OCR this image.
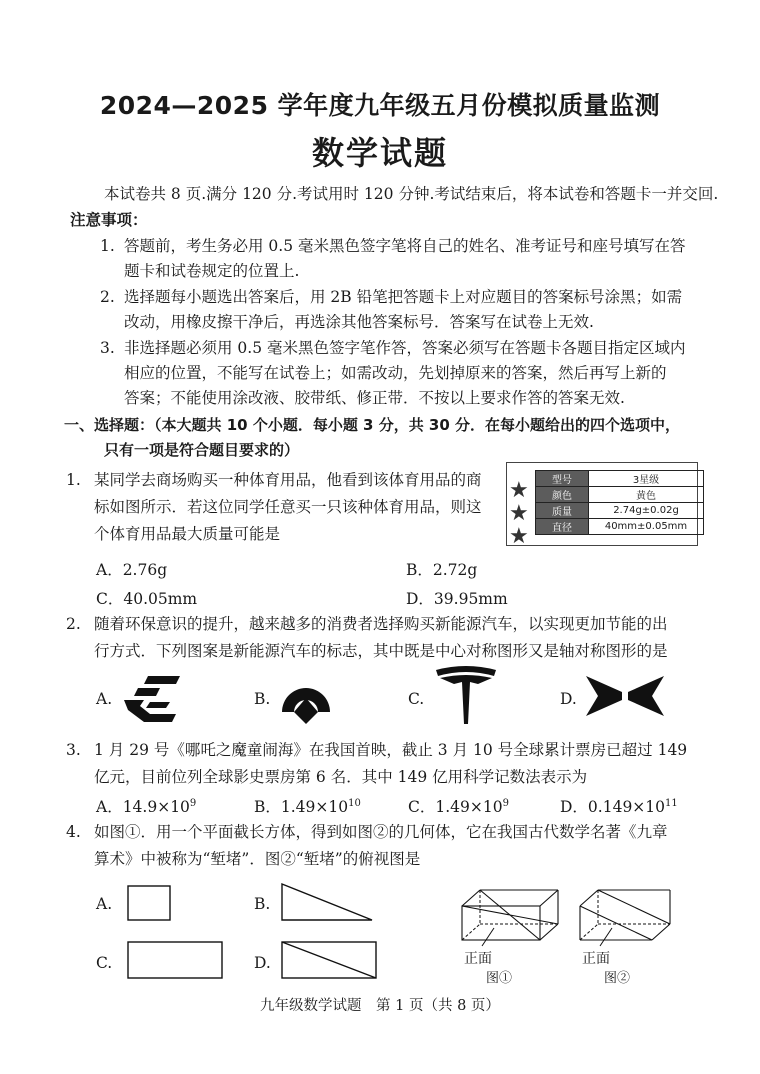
2024—2025 学年度九年级五月份模拟质量监测
数学试题
本试卷共 8 页.满分 120 分.考试用时 120 分钟.考试结束后，将本试卷和答题卡一并交回.
注意事项：
1. 答题前，考生务必用 0.5 毫米黑色签字笔将自己的姓名、准考证号和座号填写在答
题卡和试卷规定的位置上.
2. 选择题每小题选出答案后，用 2B 铅笔把答题卡上对应题目的答案标号涂黑；如需
改动，用橡皮擦干净后，再选涂其他答案标号．答案写在试卷上无效.
3. 非选择题必须用 0.5 毫米黑色签字笔作答，答案必须写在答题卡各题目指定区域内
相应的位置，不能写在试卷上；如需改动，先划掉原来的答案，然后再写上新的
答案；不能使用涂改液、胶带纸、修正带．不按以上要求作答的答案无效.
一、选择题：（本大题共 10 个小题．每小题 3 分，共 30 分．在每小题给出的四个选项中，
只有一项是符合题目要求的）
1. 某同学去商场购买一种体育用品，他看到该体育用品的商
标如图所示．若这位同学任意买一只该种体育用品，则这
个体育用品最大质量可能是
★
★
★
型号	3星级
颜色	黄色
质量	2.74g±0.02g
直径	40mm±0.05mm
A．2.76g	B．2.72g
C．40.05mm	D．39.95mm
2. 随着环保意识的提升，越来越多的消费者选择购买新能源汽车，以实现更加节能的出
行方式．下列图案是新能源汽车的标志，其中既是中心对称图形又是轴对称图形的是
A.	B.	C.	D.
3. 1 月 29 号《哪吒之魔童闹海》在我国首映，截止 3 月 10 号全球累计票房已超过 149
亿元，目前位列全球影史票房第 6 名．其中 149 亿用科学记数法表示为
A．$14.9\times 10^9$	B．$1.49\times 10^{10}$	C．$1.49\times 10^9$	D．$0.149\times 10^{11}$
4. 如图①．用一个平面截长方体，得到如图②的几何体，它在我国古代数学名著《九章
算术》中被称为“堑堵”．图②“堑堵”的俯视图是
A.	B.
C.	D.	正面
图①
正面
图②
九年级数学试题　第 1 页（共 8 页）
